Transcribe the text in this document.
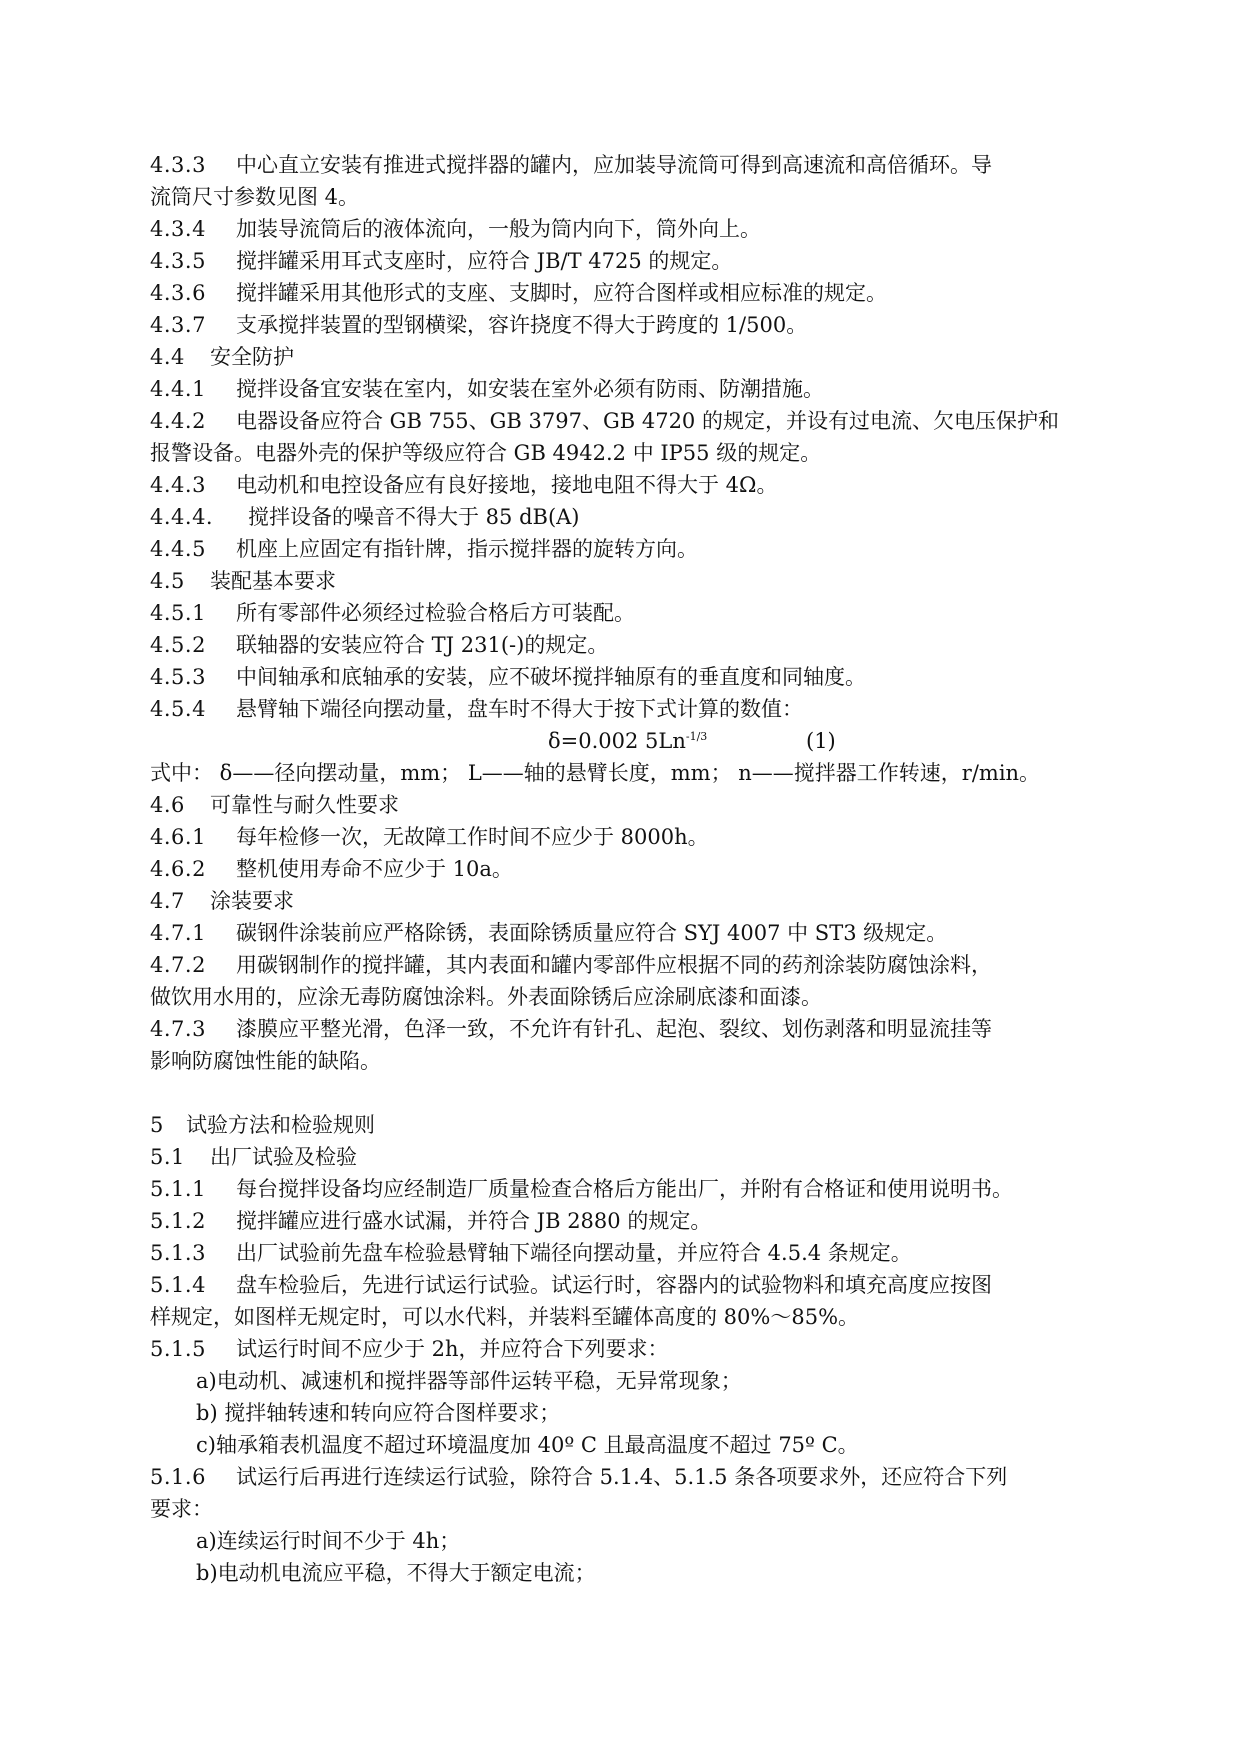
4.3.3 中心直立安装有推进式搅拌器的罐内，应加装导流筒可得到高速流和高倍循环。导
流筒尺寸参数见图 4。
4.3.4 加装导流筒后的液体流向，一般为筒内向下，筒外向上。
4.3.5 搅拌罐采用耳式支座时，应符合 JB/T 4725 的规定。
4.3.6 搅拌罐采用其他形式的支座、支脚时，应符合图样或相应标准的规定。
4.3.7 支承搅拌装置的型钢横梁，容许挠度不得大于跨度的 1/500。
4.4 安全防护
4.4.1 搅拌设备宜安装在室内，如安装在室外必须有防雨、防潮措施。
4.4.2 电器设备应符合 GB 755、GB 3797、GB 4720 的规定，并设有过电流、欠电压保护和
报警设备。电器外壳的保护等级应符合 GB 4942.2 中 IP55 级的规定。
4.4.3 电动机和电控设备应有良好接地，接地电阻不得大于 4Ω。
4.4.4. 搅拌设备的噪音不得大于 85 dB(A)
4.4.5 机座上应固定有指针牌，指示搅拌器的旋转方向。
4.5 装配基本要求
4.5.1 所有零部件必须经过检验合格后方可装配。
4.5.2 联轴器的安装应符合 TJ 231(-)的规定。
4.5.3 中间轴承和底轴承的安装，应不破坏搅拌轴原有的垂直度和同轴度。
4.5.4 悬臂轴下端径向摆动量，盘车时不得大于按下式计算的数值：
δ=0.002 $5Ln^{-1/3}$	(1)
式中： δ——径向摆动量，mm； L——轴的悬臂长度，mm； n——搅拌器工作转速，r/min。
4.6 可靠性与耐久性要求
4.6.1 每年检修一次，无故障工作时间不应少于 8000h。
4.6.2 整机使用寿命不应少于 10a。
4.7 涂装要求
4.7.1 碳钢件涂装前应严格除锈，表面除锈质量应符合 SYJ 4007 中 ST3 级规定。
4.7.2 用碳钢制作的搅拌罐，其内表面和罐内零部件应根据不同的药剂涂装防腐蚀涂料，
做饮用水用的，应涂无毒防腐蚀涂料。外表面除锈后应涂刷底漆和面漆。
4.7.3 漆膜应平整光滑，色泽一致，不允许有针孔、起泡、裂纹、划伤剥落和明显流挂等
影响防腐蚀性能的缺陷。
5 试验方法和检验规则
5.1 出厂试验及检验
5.1.1 每台搅拌设备均应经制造厂质量检查合格后方能出厂，并附有合格证和使用说明书。
5.1.2 搅拌罐应进行盛水试漏，并符合 JB 2880 的规定。
5.1.3 出厂试验前先盘车检验悬臂轴下端径向摆动量，并应符合 4.5.4 条规定。
5.1.4 盘车检验后，先进行试运行试验。试运行时，容器内的试验物料和填充高度应按图
样规定，如图样无规定时，可以水代料，并装料至罐体高度的 80%～85%。
5.1.5 试运行时间不应少于 2h，并应符合下列要求：
a)电动机、减速机和搅拌器等部件运转平稳，无异常现象；
b) 搅拌轴转速和转向应符合图样要求；
c)轴承箱表机温度不超过环境温度加 40º C 且最高温度不超过 75º C。
5.1.6 试运行后再进行连续运行试验，除符合 5.1.4、5.1.5 条各项要求外，还应符合下列
要求：
a)连续运行时间不少于 4h；
b)电动机电流应平稳，不得大于额定电流；
